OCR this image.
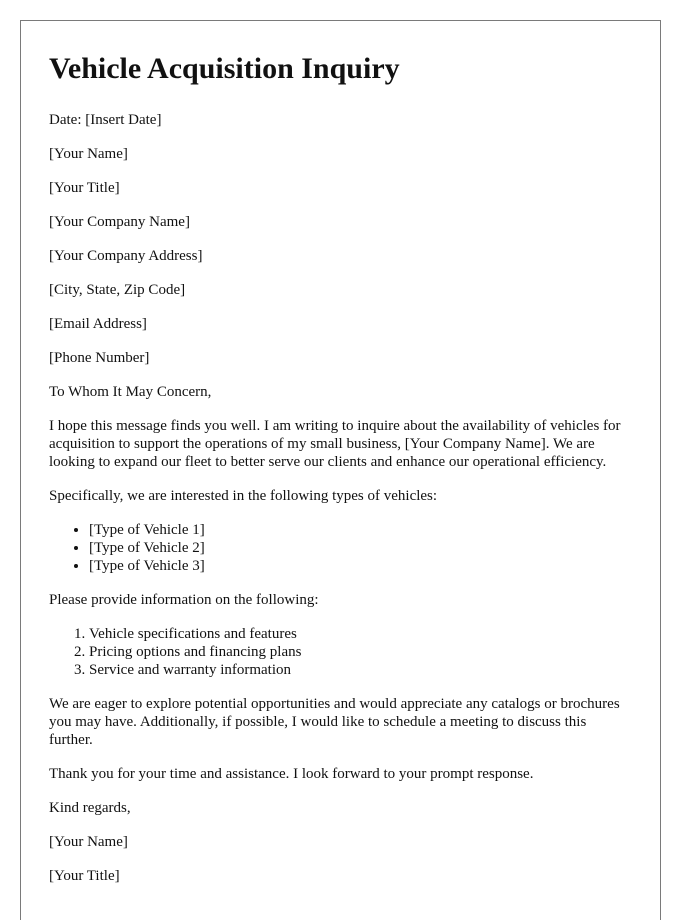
Vehicle Acquisition Inquiry

Date: [Insert Date]

[Your Name]

[Your Title]

[Your Company Name]

[Your Company Address]

[City, State, Zip Code]

[Email Address]

[Phone Number]

To Whom It May Concern,

I hope this message finds you well. I am writing to inquire about the availability of vehicles for acquisition to support the operations of my small business, [Your Company Name]. We are looking to expand our fleet to better serve our clients and enhance our operational efficiency.

Specifically, we are interested in the following types of vehicles:

• [Type of Vehicle 1]
• [Type of Vehicle 2]
• [Type of Vehicle 3]

Please provide information on the following:

1. Vehicle specifications and features
2. Pricing options and financing plans
3. Service and warranty information

We are eager to explore potential opportunities and would appreciate any catalogs or brochures you may have. Additionally, if possible, I would like to schedule a meeting to discuss this further.

Thank you for your time and assistance. I look forward to your prompt response.

Kind regards,

[Your Name]

[Your Title]
